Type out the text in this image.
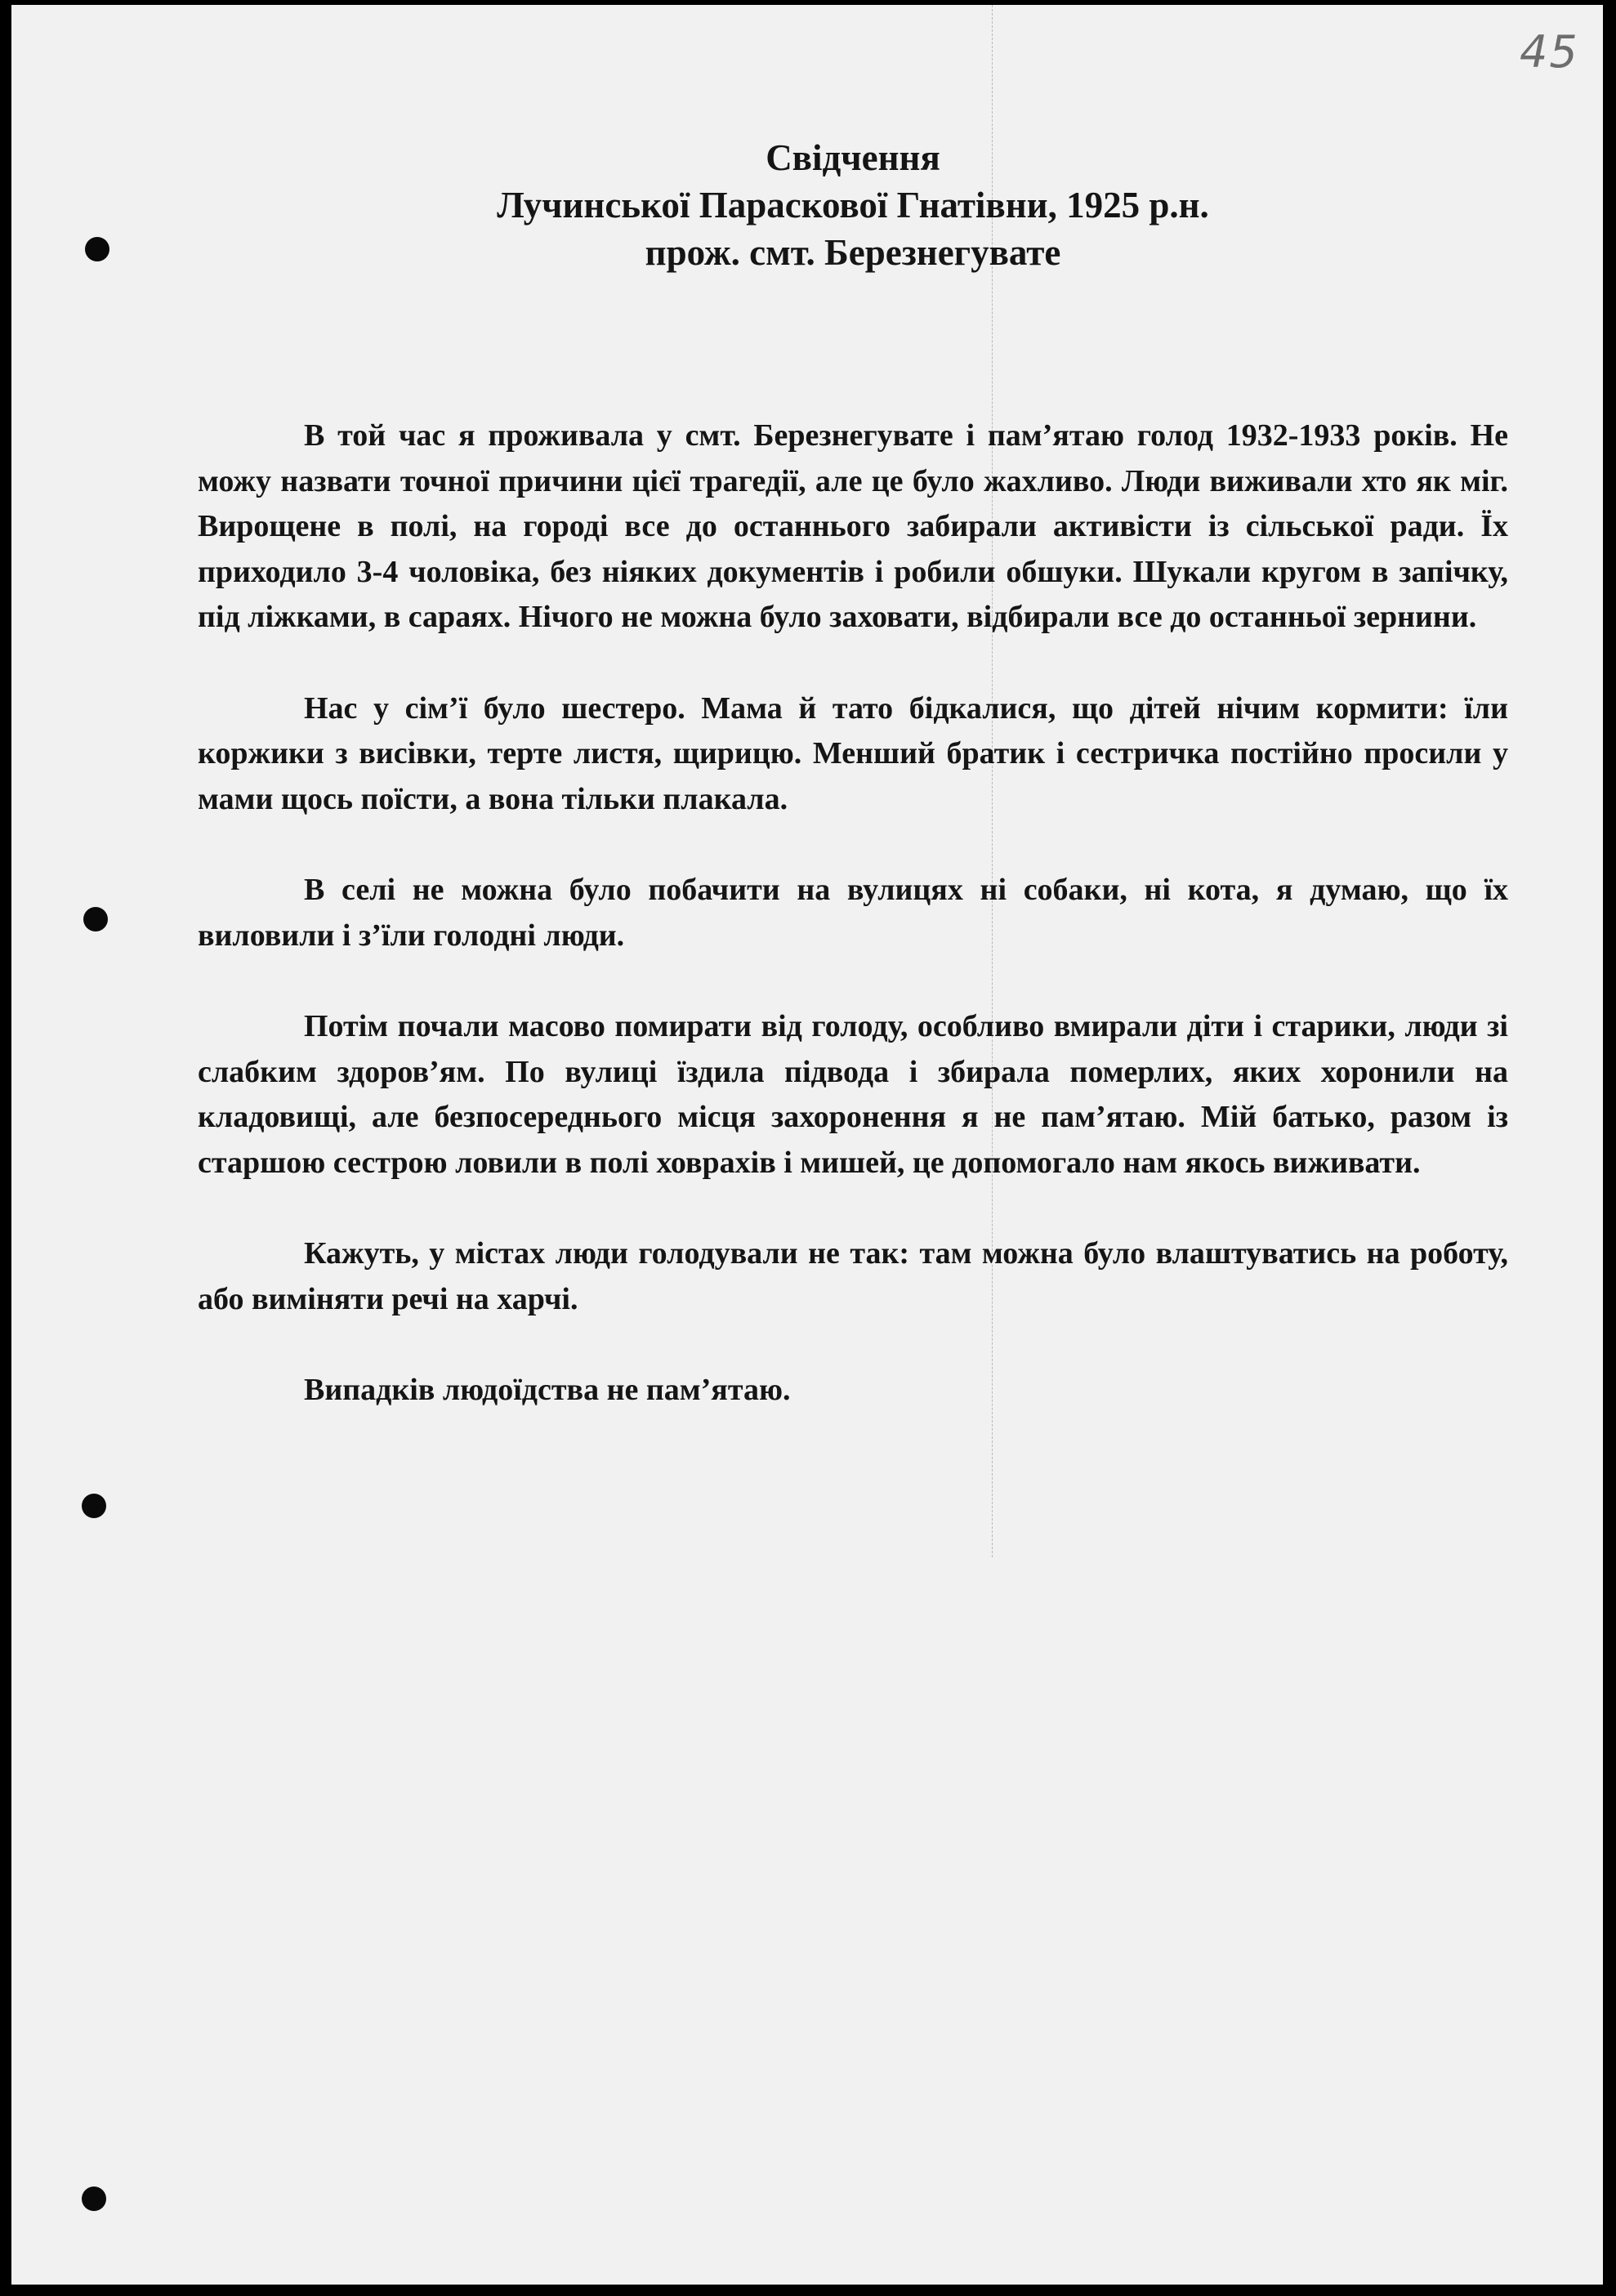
45
Свідчення
Лучинської Параскової Гнатівни, 1925 р.н.
прож. смт. Березнегувате

В той час я проживала у смт. Березнегувате і пам’ятаю голод 1932-1933 років. Не можу назвати точної причини цієї трагедії, але це було жахливо. Люди виживали хто як міг. Вирощене в полі, на городі все до останнього забирали активісти із сільської ради. Їх приходило 3-4 чоловіка, без ніяких документів і робили обшуки. Шукали кругом в запічку, під ліжками, в сараях. Нічого не можна було заховати, відбирали все до останньої зернини.

Нас у сім’ї було шестеро. Мама й тато бідкалися, що дітей нічим кормити: їли коржики з висівки, терте листя, щирицю. Менший братик і сестричка постійно просили у мами щось поїсти, а вона тільки плакала.

В селі не можна було побачити на вулицях ні собаки, ні кота, я думаю, що їх виловили і з’їли голодні люди.

Потім почали масово помирати від голоду, особливо вмирали діти і старики, люди зі слабким здоров’ям. По вулиці їздила підвода і збирала померлих, яких хоронили на кладовищі, але безпосереднього місця захоронення я не пам’ятаю. Мій батько, разом із старшою сестрою ловили в полі ховрахів і мишей, це допомогало нам якось виживати.

Кажуть, у містах люди голодували не так: там можна було влаштуватись на роботу, або виміняти речі на харчі.

Випадків людоїдства не пам’ятаю.
